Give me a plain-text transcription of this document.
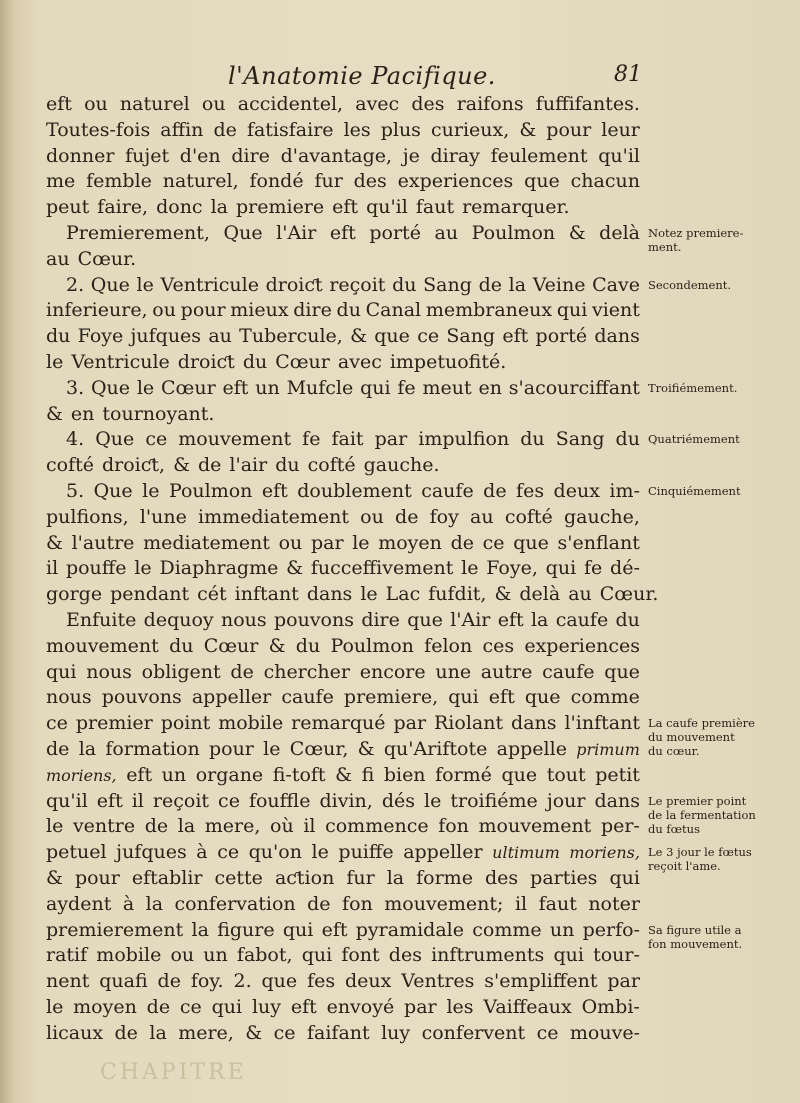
l'Anatomie Pacifique.	81
eft ou naturel ou accidentel, avec des raifons fuffifantes.
Toutes-fois affin de fatisfaire les plus curieux, & pour leur
donner fujet d'en dire d'avantage, je diray feulement qu'il
me femble naturel, fondé fur des experiences que chacun
peut faire, donc la premiere eft qu'il faut remarquer.
Premierement, Que l'Air eft porté au Poulmon & delà
au Cœur.
2. Que le Ventricule droiƈt reçoit du Sang de la Veine Cave
inferieure, ou pour mieux dire du Canal membraneux qui vient
du Foye jufques au Tubercule, & que ce Sang eft porté dans
le Ventricule droiƈt du Cœur avec impetuofité.
3. Que le Cœur eft un Mufcle qui fe meut en s'acourciffant
& en tournoyant.
4. Que ce mouvement fe fait par impulfion du Sang du
cofté droiƈt, & de l'air du cofté gauche.
5. Que le Poulmon eft doublement caufe de fes deux im-
pulfions, l'une immediatement ou de foy au cofté gauche,
& l'autre mediatement ou par le moyen de ce que s'enflant
il pouffe le Diaphragme & fucceffivement le Foye, qui fe dé-
gorge pendant cét inftant dans le Lac fufdit, & delà au Cœur.
Enfuite dequoy nous pouvons dire que l'Air eft la caufe du
mouvement du Cœur & du Poulmon felon ces experiences
qui nous obligent de chercher encore une autre caufe que
nous pouvons appeller caufe premiere, qui eft que comme
ce premier point mobile remarqué par Riolant dans l'inftant
de la formation pour le Cœur, & qu'Ariftote appelle primum
moriens, eft un organe fi-toft & fi bien formé que tout petit
qu'il eft il reçoit ce fouffle divin, dés le troifiéme jour dans
le ventre de la mere, où il commence fon mouvement per-
petuel jufques à ce qu'on le puiffe appeller ultimum moriens,
& pour eftablir cette aƈtion fur la forme des parties qui
aydent à la confervation de fon mouvement; il faut noter
premierement la figure qui eft pyramidale comme un perfo-
ratif mobile ou un fabot, qui font des inftruments qui tour-
nent quafi de foy. 2. que fes deux Ventres s'empliffent par
le moyen de ce qui luy eft envoyé par les Vaiffeaux Ombi-
licaux de la mere, & ce faifant luy confervent ce mouve-
Notez premiere-
ment.
Secondement.
Troifiémement.
Quatriémement
Cinquiémement
La caufe première
du mouvement
du cœur.
Le premier point
de la fermentation
du fœtus
Le 3 jour le fœtus
reçoit l'ame.
Sa figure utile a
fon mouvement.
CHAPITRE
